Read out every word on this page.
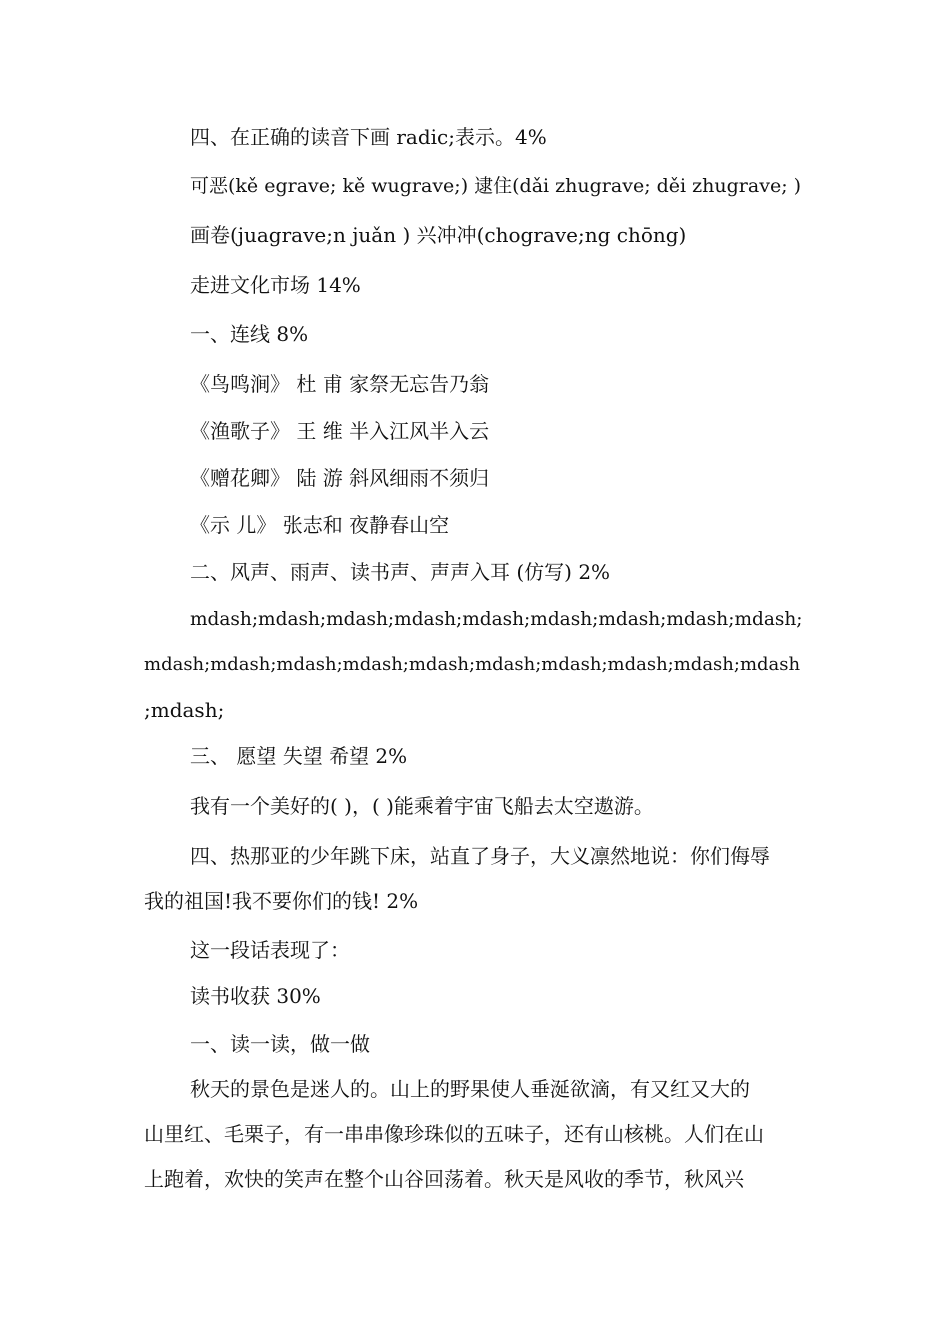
四、在正确的读音下画 radic;表示。4%
可恶(kě egrave; kě wugrave;) 逮住(dǎi zhugrave; děi zhugrave; )
画卷(juagrave;n juǎn ) 兴冲冲(chograve;ng chōng)
走进文化市场 14%
一、连线 8%
《鸟鸣涧》 杜 甫 家祭无忘告乃翁
《渔歌子》 王 维 半入江风半入云
《赠花卿》 陆 游 斜风细雨不须归
《示 儿》 张志和 夜静春山空
二、风声、雨声、读书声、声声入耳 (仿写) 2%
mdash;mdash;mdash;mdash;mdash;mdash;mdash;mdash;mdash;
mdash;mdash;mdash;mdash;mdash;mdash;mdash;mdash;mdash;mdash
;mdash;
三、 愿望 失望 希望 2%
我有一个美好的( )，( )能乘着宇宙飞船去太空遨游。
四、热那亚的少年跳下床，站直了身子，大义凛然地说：你们侮辱
我的祖国!我不要你们的钱! 2%
这一段话表现了：
读书收获 30%
一、读一读，做一做
秋天的景色是迷人的。山上的野果使人垂涎欲滴，有又红又大的
山里红、毛栗子，有一串串像珍珠似的五味子，还有山核桃。人们在山
上跑着，欢快的笑声在整个山谷回荡着。秋天是风收的季节，秋风兴
